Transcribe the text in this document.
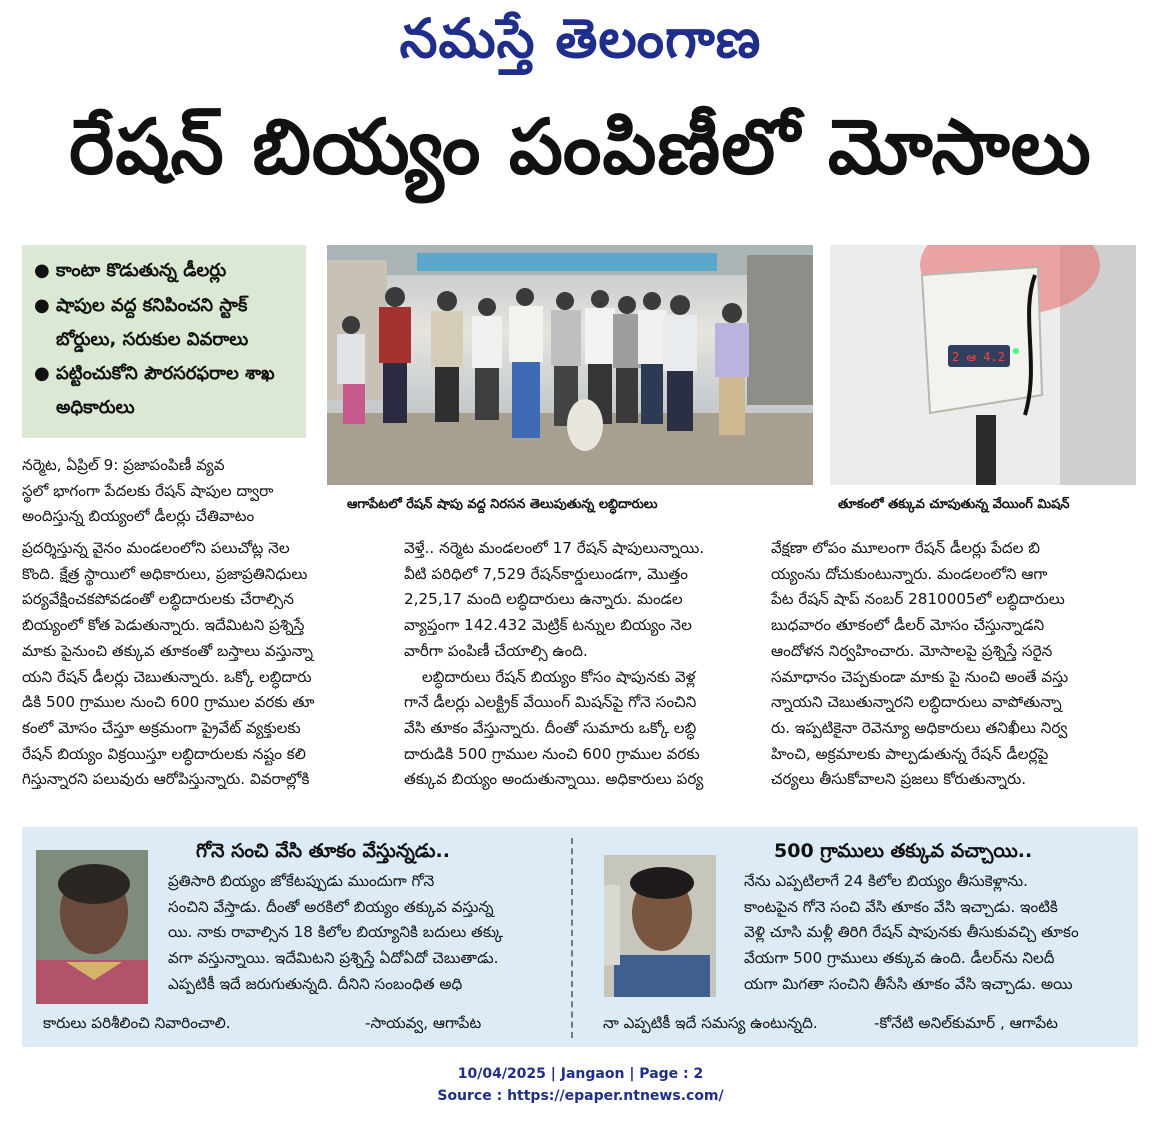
నమస్తే తెలంగాణ
రేషన్‌ బియ్యం పంపిణీలో మోసాలు
● కాంటా కొడుతున్న డీలర్లు
● షాపుల వద్ద కనిపించని స్టాక్‌ బోర్డులు, సరుకుల వివరాలు
● పట్టించుకోని పౌరసరఫరాల శాఖ అధికారులు
2 ఆ 4.2
ఆగాపేటలో రేషన్‌ షాపు వద్ద నిరసన తెలుపుతున్న లబ్ధిదారులు	తూకంలో తక్కువ చూపుతున్న వేయింగ్‌ మిషన్‌

నర్మెట, ఏప్రిల్‌ 9: ప్రజాపంపిణీ వ్యవ

స్థలో భాగంగా పేదలకు రేషన్‌ షాపుల ద్వారా

అందిస్తున్న బియ్యంలో డీలర్లు చేతివాటం

ప్రదర్శిస్తున్న వైనం మండలంలోని పలుచోట్ల నెల

కొంది. క్షేత్ర స్థాయిలో అధికారులు, ప్రజాప్రతినిధులు

పర్యవేక్షించకపోవడంతో లబ్ధిదారులకు చేరాల్సిన

బియ్యంలో కోత పెడుతున్నారు. ఇదేమిటని ప్రశ్నిస్తే

మాకు పైనుంచి తక్కువ తూకంతో బస్తాలు వస్తున్నా

యని రేషన్‌ డీలర్లు చెబుతున్నారు. ఒక్కో లబ్ధిదారు

డికి 500 గ్రాముల నుంచి 600 గ్రాముల వరకు తూ

కంలో మోసం చేస్తూ అక్రమంగా ప్రైవేట్‌ వ్యక్తులకు

రేషన్‌ బియ్యం విక్రయిస్తూ లబ్ధిదారులకు నష్టం కలి

గిస్తున్నారని పలువురు ఆరోపిస్తున్నారు. వివరాల్లోకి

వెళ్తే.. నర్మెట మండలంలో 17 రేషన్‌ షాపులున్నాయి.

వీటి పరిధిలో 7,529 రేషన్‌కార్డులుండగా, మొత్తం

2,25,17 మంది లబ్ధిదారులు ఉన్నారు. మండల

వ్యాప్తంగా 142.432 మెట్రిక్‌ టన్నుల బియ్యం నెల

వారీగా పంపిణీ చేయాల్సి ఉంది.

లబ్ధిదారులు రేషన్‌ బియ్యం కోసం షాపునకు వెళ్ల

గానే డీలర్లు ఎలక్ట్రిక్‌ వేయింగ్‌ మిషన్‌పై గోనె సంచిని

వేసి తూకం వేస్తున్నారు. దీంతో సుమారు ఒక్కో లబ్ధి

దారుడికి 500 గ్రాముల నుంచి 600 గ్రాముల వరకు

తక్కువ బియ్యం అందుతున్నాయి. అధికారులు పర్య

వేక్షణా లోపం మూలంగా రేషన్‌ డీలర్లు పేదల బి

య్యంను దోచుకుంటున్నారు. మండలంలోని ఆగా

పేట రేషన్‌ షాప్‌ నంబర్‌ 2810005లో లబ్ధిదారులు

బుధవారం తూకంలో డీలర్‌ మోసం చేస్తున్నాడని

ఆందోళన నిర్వహించారు. మోసాలపై ప్రశ్నిస్తే సరైన

సమాధానం చెప్పకుండా మాకు పై నుంచి అంతే వస్తు

న్నాయని చెబుతున్నారని లబ్ధిదారులు వాపోతున్నా

రు. ఇప్పటికైనా రెవెన్యూ అధికారులు తనిఖీలు నిర్వ

హించి, అక్రమాలకు పాల్పడుతున్న రేషన్‌ డీలర్లపై

చర్యలు తీసుకోవాలని ప్రజలు కోరుతున్నారు.

గోనె సంచి వేసి తూకం వేస్తున్నడు..

ప్రతిసారి బియ్యం జోకేటప్పుడు ముందుగా గోనె

సంచిని వేస్తాడు. దీంతో అరకిలో బియ్యం తక్కువ వస్తున్న

యి. నాకు రావాల్సిన 18 కిలోల బియ్యానికి బదులు తక్కు

వగా వస్తున్నాయి. ఇదేమిటని ప్రశ్నిస్తే ఏదోఏదో చెబుతాడు.

ఎప్పటికీ ఇదే జరుగుతున్నది. దీనిని సంబంధిత అధి

కారులు పరిశీలించి నివారించాలి.	-సాయవ్వ, ఆగాపేట
500 గ్రాములు తక్కువ వచ్చాయి..

నేను ఎప్పటిలాగే 24 కిలోల బియ్యం తీసుకెళ్లాను.

కాంటపైన గోనె సంచి వేసి తూకం వేసి ఇచ్చాడు. ఇంటికి

వెళ్లి చూసి మళ్లీ తిరిగి రేషన్‌ షాపునకు తీసుకువచ్చి తూకం

వేయగా 500 గ్రాములు తక్కువ ఉంది. డీలర్‌ను నిలదీ

యగా మిగతా సంచిని తీసేసి తూకం వేసి ఇచ్చాడు. అయి

నా ఎప్పటికీ ఇదే సమస్య ఉంటున్నది.	-కోనేటి అనిల్‌కుమార్‌ , ఆగాపేట
10/04/2025 | Jangaon | Page : 2
Source : https://epaper.ntnews.com/
